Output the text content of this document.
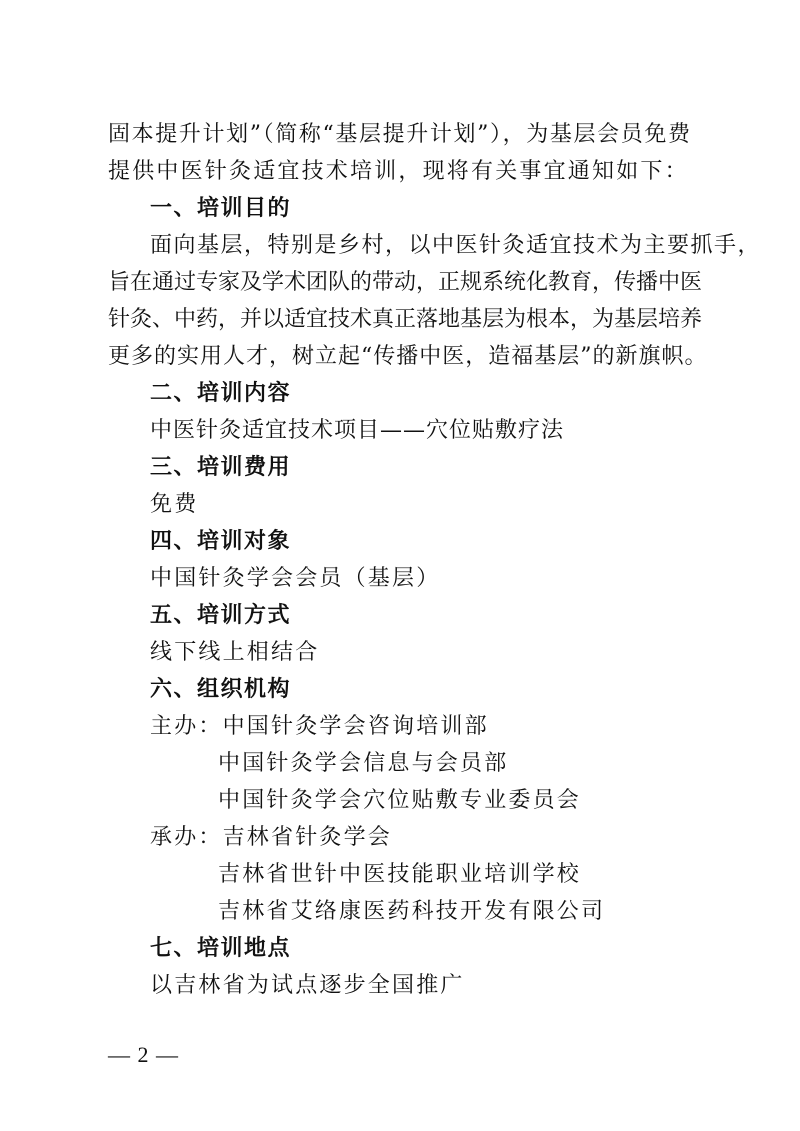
固本提升计划”（简称“基层提升计划”），为基层会员免费
提供中医针灸适宜技术培训，现将有关事宜通知如下：
一、培训目的
面向基层，特别是乡村，以中医针灸适宜技术为主要抓手，
旨在通过专家及学术团队的带动，正规系统化教育，传播中医
针灸、中药，并以适宜技术真正落地基层为根本，为基层培养
更多的实用人才，树立起“传播中医，造福基层”的新旗帜。
二、培训内容
中医针灸适宜技术项目——穴位贴敷疗法
三、培训费用
免费
四、培训对象
中国针灸学会会员（基层）
五、培训方式
线下线上相结合
六、组织机构
主办：中国针灸学会咨询培训部
中国针灸学会信息与会员部
中国针灸学会穴位贴敷专业委员会
承办：吉林省针灸学会
吉林省世针中医技能职业培训学校
吉林省艾络康医药科技开发有限公司
七、培训地点
以吉林省为试点逐步全国推广
— 2 —
